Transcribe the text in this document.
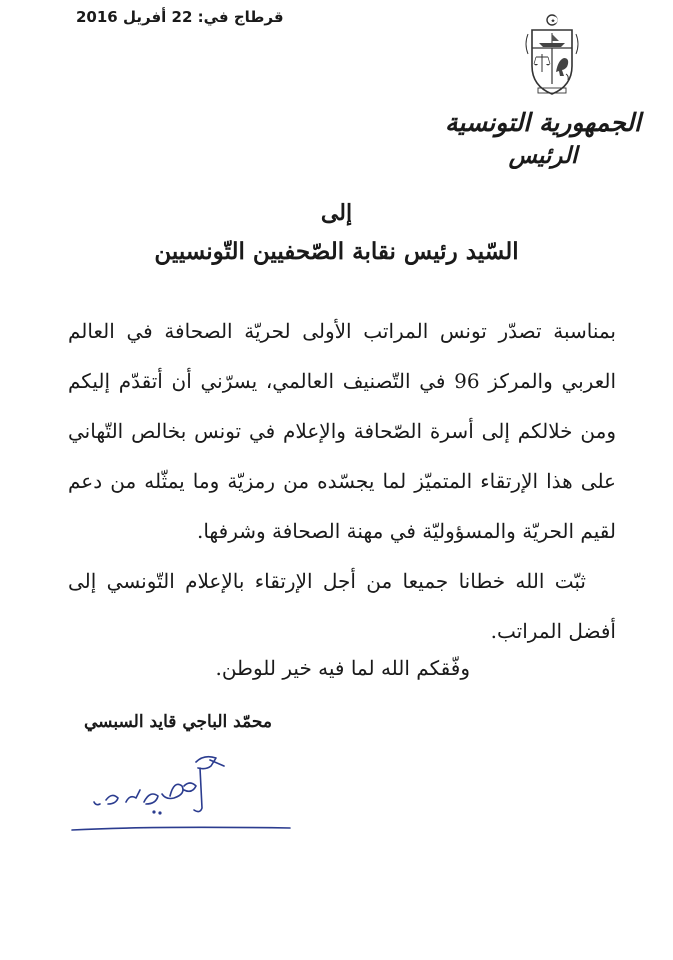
قرطاج في: 22 أفريل 2016
الجمهورية التونسية
الرئيس
إلى
السّيد رئيس نقابة الصّحفيين التّونسيين

بمناسبة تصدّر تونس المراتب الأولى لحريّة الصحافة في العالم العربي والمركز 96 في التّصنيف العالمي، يسرّني أن أتقدّم إليكم ومن خلالكم إلى أسرة الصّحافة والإعلام في تونس بخالص التّهاني على هذا الإرتقاء المتميّز لما يجسّده من رمزيّة وما يمثّله من دعم لقيم الحريّة والمسؤوليّة في مهنة الصحافة وشرفها.

ثبّت الله خطانا جميعا من أجل الإرتقاء بالإعلام التّونسي إلى أفضل المراتب.

وفّقكم الله لما فيه خير للوطن.
محمّد الباجي قايد السبسي
